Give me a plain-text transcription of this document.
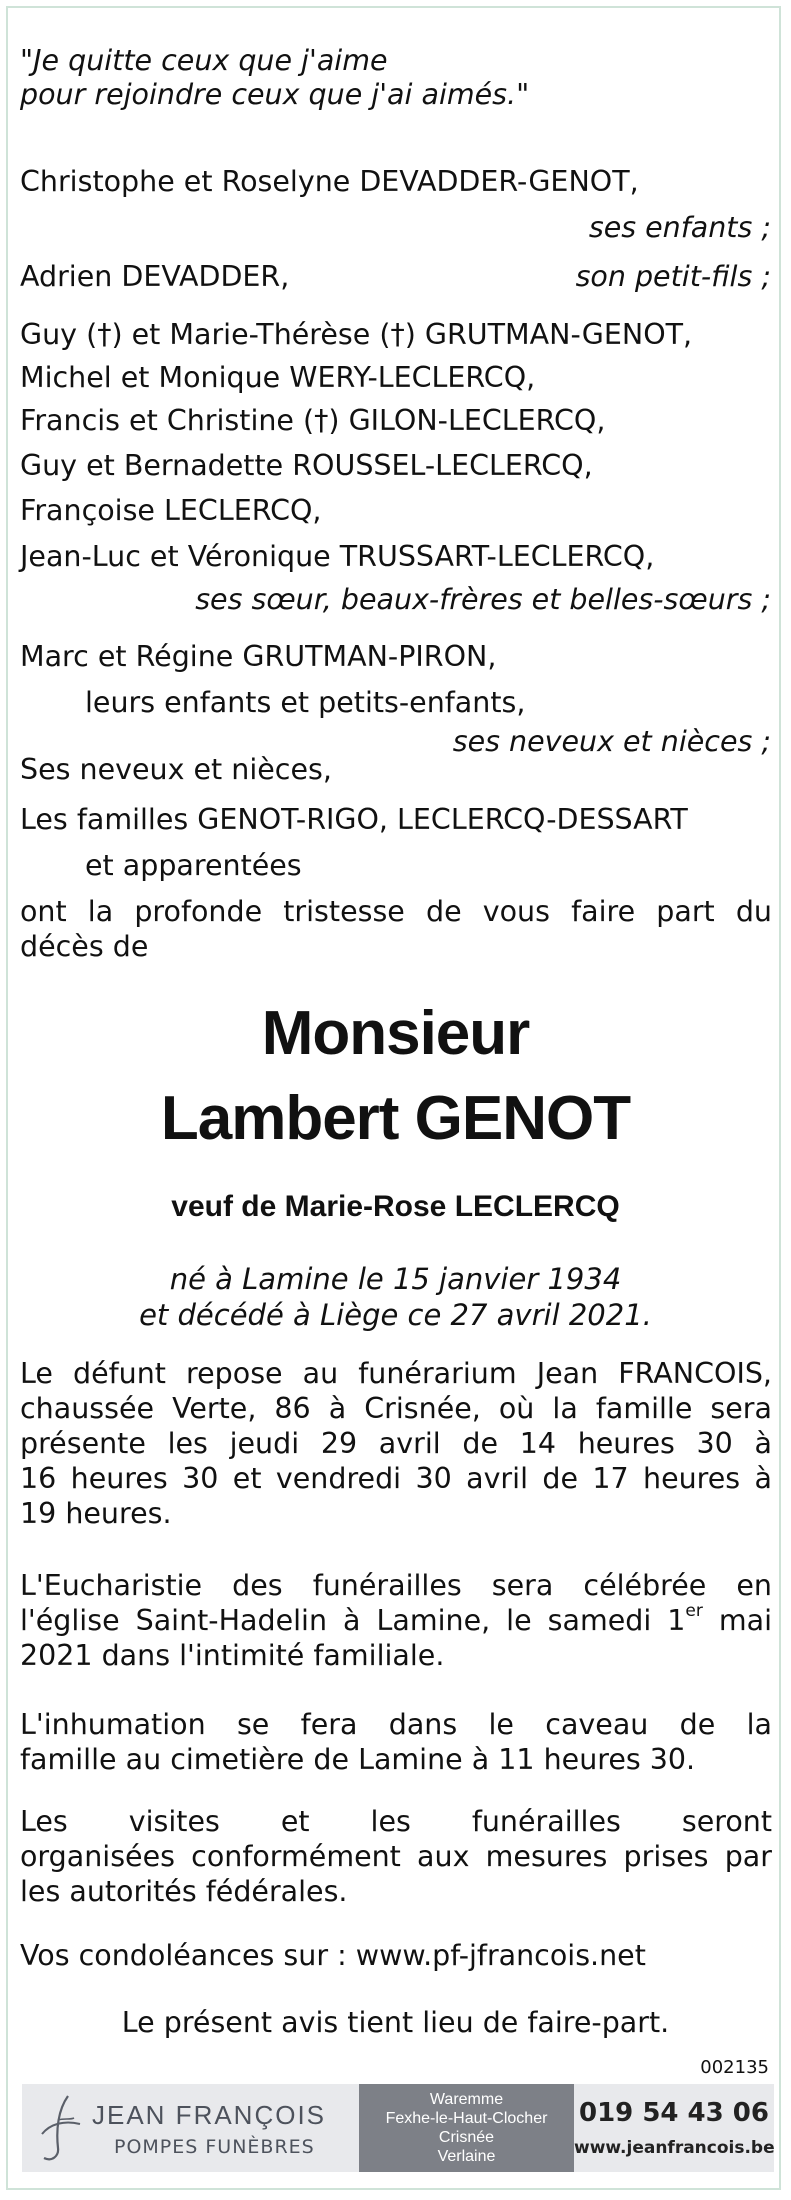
"Je quitte ceux que j'aime
pour rejoindre ceux que j'ai aimés."
Christophe et Roselyne DEVADDER-GENOT,
ses enfants ;
Adrien DEVADDER,	son petit-fils ;
Guy (†) et Marie-Thérèse (†) GRUTMAN-GENOT,
Michel et Monique WERY-LECLERCQ,
Francis et Christine (†) GILON-LECLERCQ,
Guy et Bernadette ROUSSEL-LECLERCQ,
Françoise LECLERCQ,
Jean-Luc et Véronique TRUSSART-LECLERCQ,
ses sœur, beaux-frères et belles-sœurs ;
Marc et Régine GRUTMAN-PIRON,
leurs enfants et petits-enfants,
ses neveux et nièces ;
Ses neveux et nièces,
Les familles GENOT-RIGO, LECLERCQ-DESSART
et apparentées
ont la profonde tristesse de vous faire part du
décès de
Monsieur
Lambert GENOT
veuf de Marie-Rose LECLERCQ
né à Lamine le 15 janvier 1934
et décédé à Liège ce 27 avril 2021.
Le défunt repose au funérarium Jean FRANCOIS,
chaussée Verte, 86 à Crisnée, où la famille sera
présente les jeudi 29 avril de 14 heures 30 à
16 heures 30 et vendredi 30 avril de 17 heures à
19 heures.
L'Eucharistie des funérailles sera célébrée en
l'église Saint-Hadelin à Lamine, le samedi 1er mai
2021 dans l'intimité familiale.
L'inhumation se fera dans le caveau de la
famille au cimetière de Lamine à 11 heures 30.
Les visites et les funérailles seront
organisées conformément aux mesures prises par
les autorités fédérales.
Vos condoléances sur : www.pf-jfrancois.net
Le présent avis tient lieu de faire-part.
002135
JEAN FRANÇOIS
POMPES FUNÈBRES
Waremme
Fexhe-le-Haut-Clocher
Crisnée
Verlaine
019 54 43 06
www.jeanfrancois.be
